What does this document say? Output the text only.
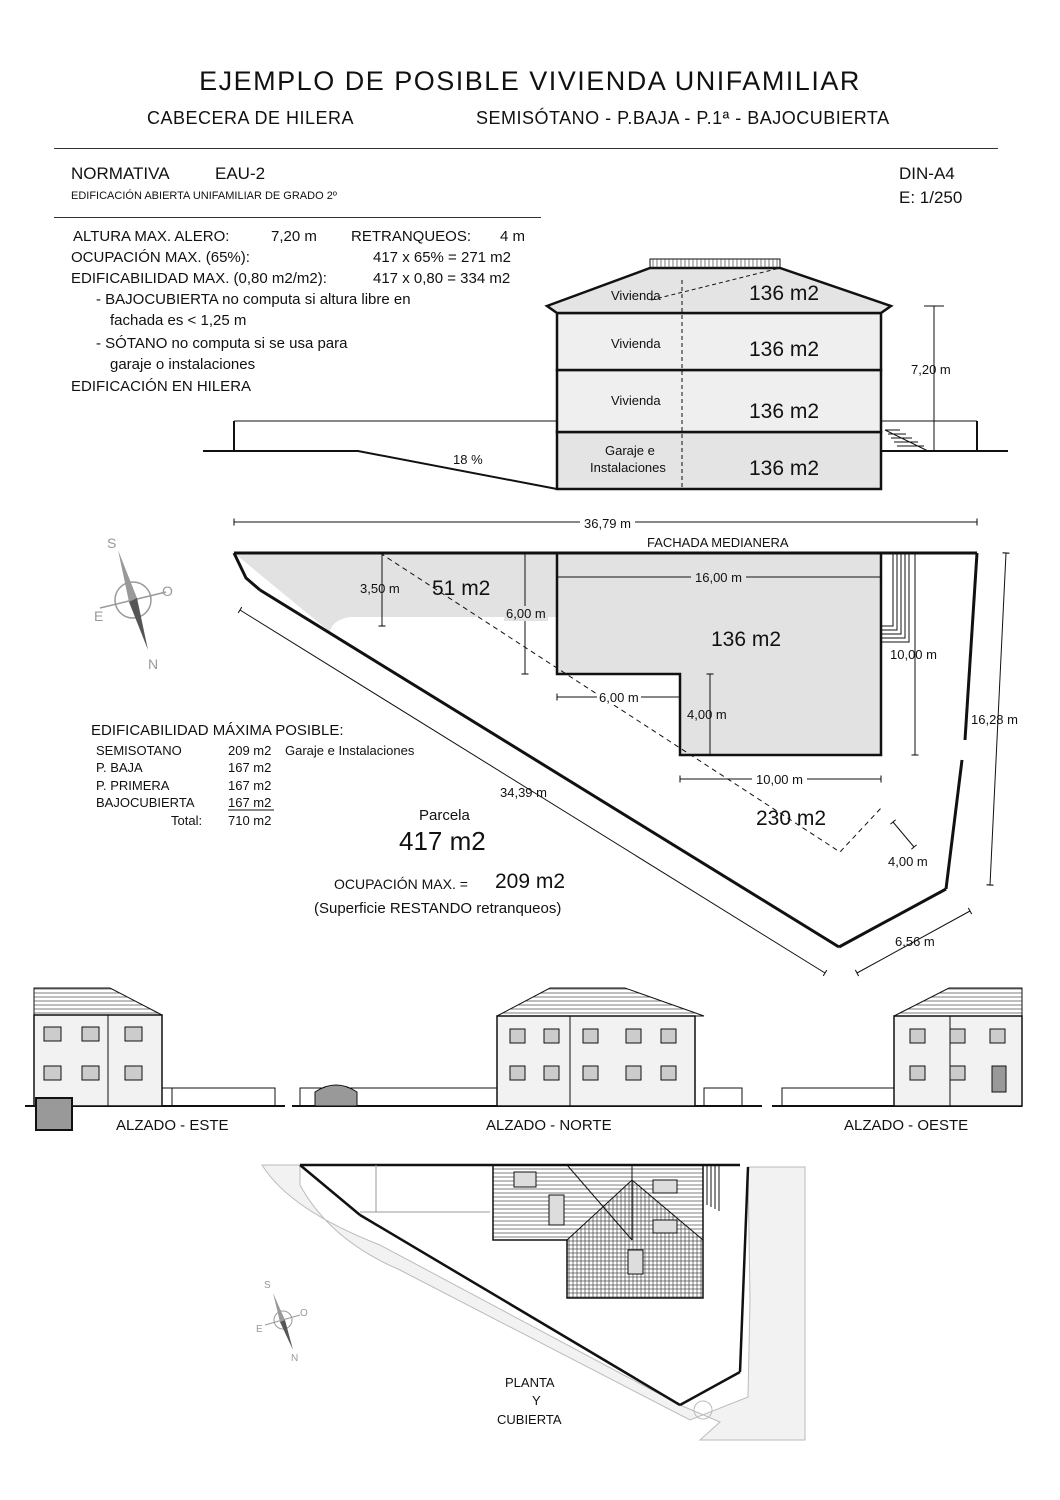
EJEMPLO DE POSIBLE VIVIENDA UNIFAMILIAR
CABECERA DE HILERA	SEMISÓTANO - P.BAJA - P.1ª - BAJOCUBIERTA
NORMATIVA	EAU-2
EDIFICACIÓN ABIERTA UNIFAMILIAR DE GRADO 2º
DIN-A4
E: 1/250
ALTURA MAX. ALERO:	7,20 m RETRANQUEOS: 4 m
OCUPACIÓN MAX. (65%):	417 x 65% = 271 m2
EDIFICABILIDAD MAX. (0,80 m2/m2):	417 x 0,80 = 334 m2
- BAJOCUBIERTA no computa si altura libre en
fachada es < 1,25 m
- SÓTANO no computa si se usa para
garaje o instalaciones
EDIFICACIÓN EN HILERA
Vivienda	136 m2
Vivienda	136 m2
Vivienda	136 m2
Garaje e
Instalaciones	136 m2
7,20 m
18 %
36,79 m
FACHADA MEDIANERA
16,00 m
3,50 m 51 m2
6,00 m
136 m2
10,00 m
6,00 m
4,00 m	16,28 m
10,00 m
34,39 m
230 m2
4,00 m
6,56 m
Parcela
417 m2
OCUPACIÓN MAX. = 209 m2
(Superficie RESTANDO retranqueos)
S
O
E
N
EDIFICABILIDAD MÁXIMA POSIBLE:
SEMISOTANO	209 m2 Garaje e Instalaciones
P. BAJA	167 m2
P. PRIMERA	167 m2
BAJOCUBIERTA	167 m2
Total: 710 m2
ALZADO - ESTE	ALZADO - NORTE	ALZADO - OESTE
PLANTA
Y
CUBIERTA
S
O
E
N
